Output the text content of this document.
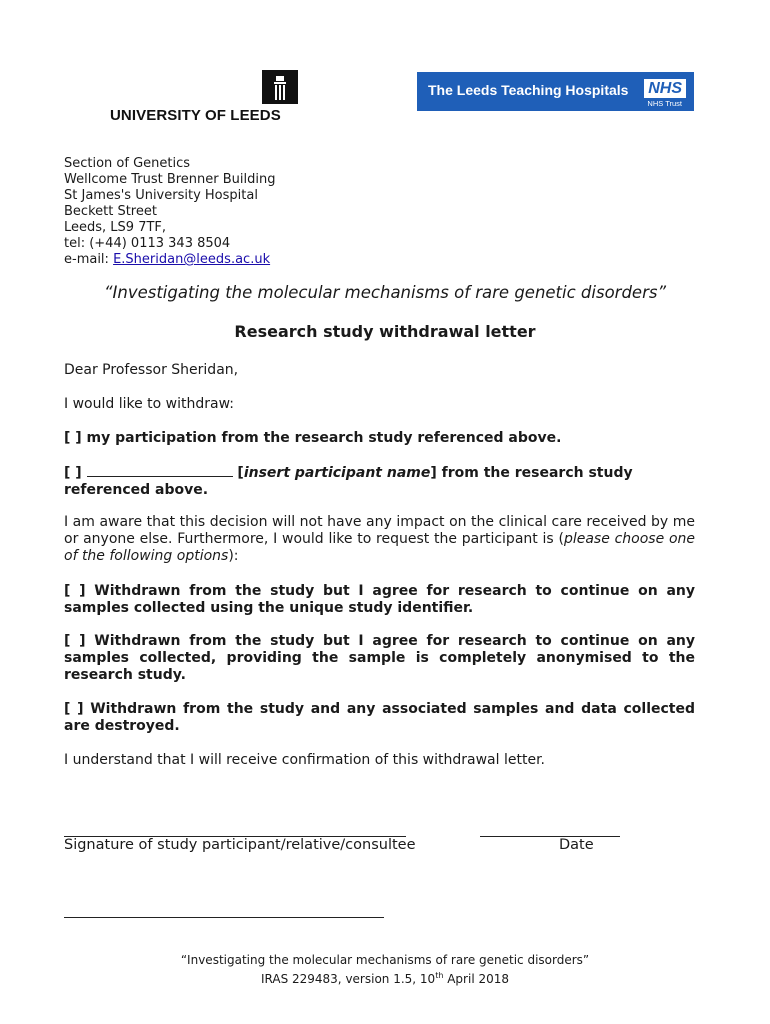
UNIVERSITY OF LEEDS
The Leeds Teaching Hospitals NHS
NHS Trust
Section of Genetics
Wellcome Trust Brenner Building
St James's University Hospital
Beckett Street
Leeds, LS9 7TF,
tel: (+44) 0113 343 8504
e-mail: E.Sheridan@leeds.ac.uk
“Investigating the molecular mechanisms of rare genetic disorders”
Research study withdrawal letter
Dear Professor Sheridan,
I would like to withdraw:
[ ] my participation from the research study referenced above.
[ ]	[insert participant name] from the research study referenced above.
I am aware that this decision will not have any impact on the clinical care received by me or anyone else. Furthermore, I would like to request the participant is (please choose one of the following options):
[ ] Withdrawn from the study but I agree for research to continue on any samples collected using the unique study identifier.
[ ] Withdrawn from the study but I agree for research to continue on any samples collected, providing the sample is completely anonymised to the research study.
[ ] Withdrawn from the study and any associated samples and data collected are destroyed.
I understand that I will receive confirmation of this withdrawal letter.
Signature of study participant/relative/consultee	Date
“Investigating the molecular mechanisms of rare genetic disorders”
IRAS 229483, version 1.5, 10th April 2018
